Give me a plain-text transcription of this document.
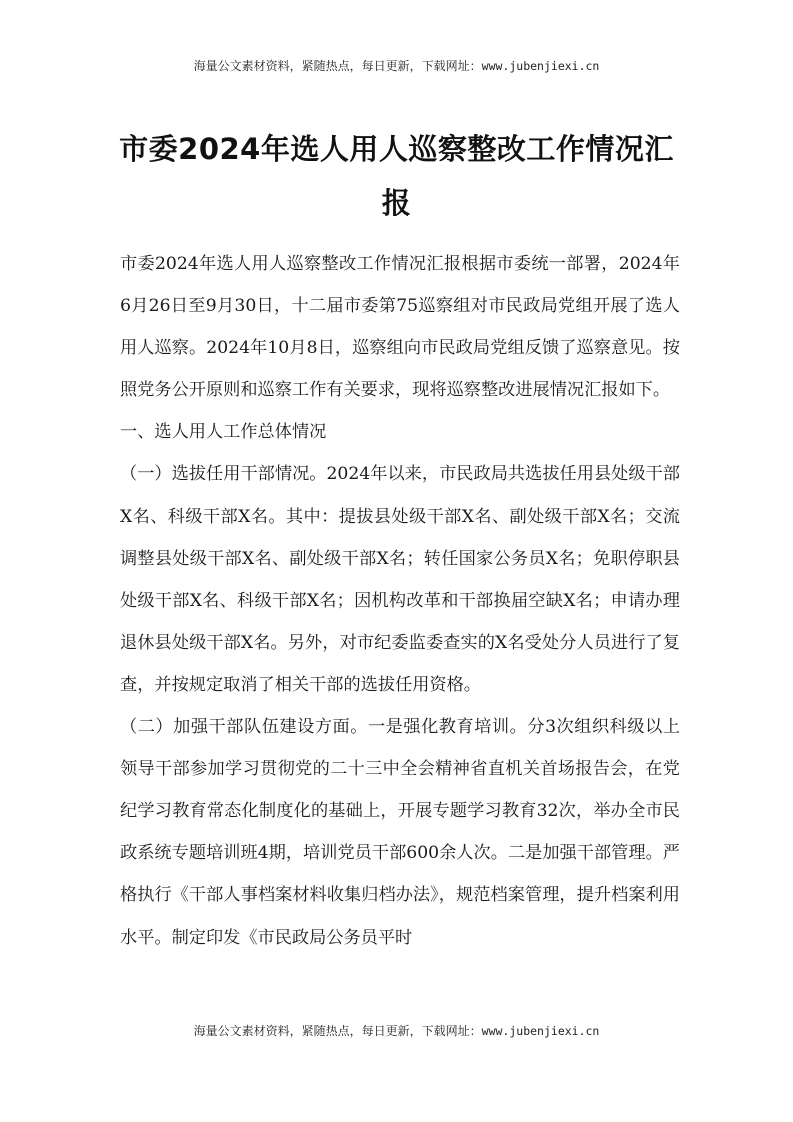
海量公文素材资料，紧随热点，每日更新，下载网址：www.jubenjiexi.cn
市委2024年选人用人巡察整改工作情况汇
报

市委2024年选人用人巡察整改工作情况汇报根据市委统一部署，2024年6月26日至9月30日，十二届市委第75巡察组对市民政局党组开展了选人用人巡察。2024年10月8日，巡察组向市民政局党组反馈了巡察意见。按照党务公开原则和巡察工作有关要求，现将巡察整改进展情况汇报如下。

一、选人用人工作总体情况

（一）选拔任用干部情况。2024年以来，市民政局共选拔任用县处级干部X名、科级干部X名。其中：提拔县处级干部X名、副处级干部X名；交流调整县处级干部X名、副处级干部X名；转任国家公务员X名；免职停职县处级干部X名、科级干部X名；因机构改革和干部换届空缺X名；申请办理退休县处级干部X名。另外，对市纪委监委查实的X名受处分人员进行了复查，并按规定取消了相关干部的选拔任用资格。

（二）加强干部队伍建设方面。一是强化教育培训。分3次组织科级以上领导干部参加学习贯彻党的二十三中全会精神省直机关首场报告会，在党纪学习教育常态化制度化的基础上，开展专题学习教育32次，举办全市民政系统专题培训班4期，培训党员干部600余人次。二是加强干部管理。严格执行《干部人事档案材料收集归档办法》，规范档案管理，提升档案利用水平。制定印发《市民政局公务员平时

海量公文素材资料，紧随热点，每日更新，下载网址：www.jubenjiexi.cn
